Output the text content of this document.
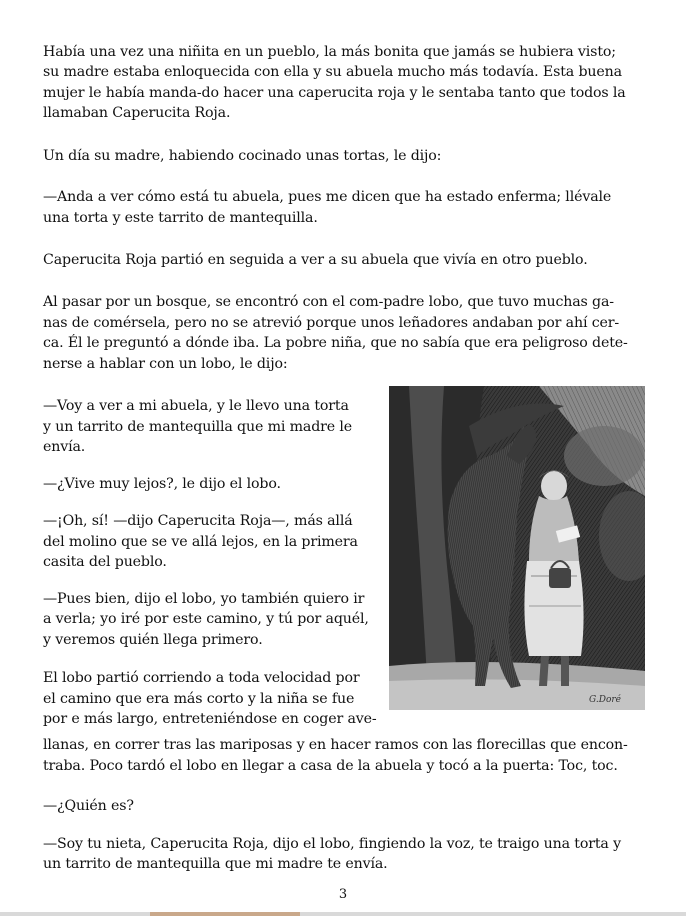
Había una vez una niñita en un pueblo, la más bonita que jamás se hubiera visto;
su madre estaba enloquecida con ella y su abuela mucho más todavía. Esta buena
mujer le había manda-do hacer una caperucita roja y le sentaba tanto que todos la
llamaban Caperucita Roja.
Un día su madre, habiendo cocinado unas tortas, le dijo:
—Anda a ver cómo está tu abuela, pues me dicen que ha estado enferma; llévale
una torta y este tarrito de mantequilla.
Caperucita Roja partió en seguida a ver a su abuela que vivía en otro pueblo.
Al pasar por un bosque, se encontró con el com-padre lobo, que tuvo muchas ga-
nas de comérsela, pero no se atrevió porque unos leñadores andaban por ahí cer-
ca. Él le preguntó a dónde iba. La pobre niña, que no sabía que era peligroso dete-
nerse a hablar con un lobo, le dijo:
—Voy a ver a mi abuela, y le llevo una torta
y un tarrito de mantequilla que mi madre le
envía.
—¿Vive muy lejos?, le dijo el lobo.
—¡Oh, sí! —dijo Caperucita Roja—, más allá
del molino que se ve allá lejos, en la primera
casita del pueblo.
—Pues bien, dijo el lobo, yo también quiero ir
a verla; yo iré por este camino, y tú por aquél,
y veremos quién llega primero.
El lobo partió corriendo a toda velocidad por
el camino que era más corto y la niña se fue
por e más largo, entreteniéndose en coger ave-
llanas, en correr tras las mariposas y en hacer ramos con las florecillas que encon-
traba. Poco tardó el lobo en llegar a casa de la abuela y tocó a la puerta: Toc, toc.
—¿Quién es?
—Soy tu nieta, Caperucita Roja, dijo el lobo, fingiendo la voz, te traigo una torta y
un tarrito de mantequilla que mi madre te envía.
G.Doré
3
